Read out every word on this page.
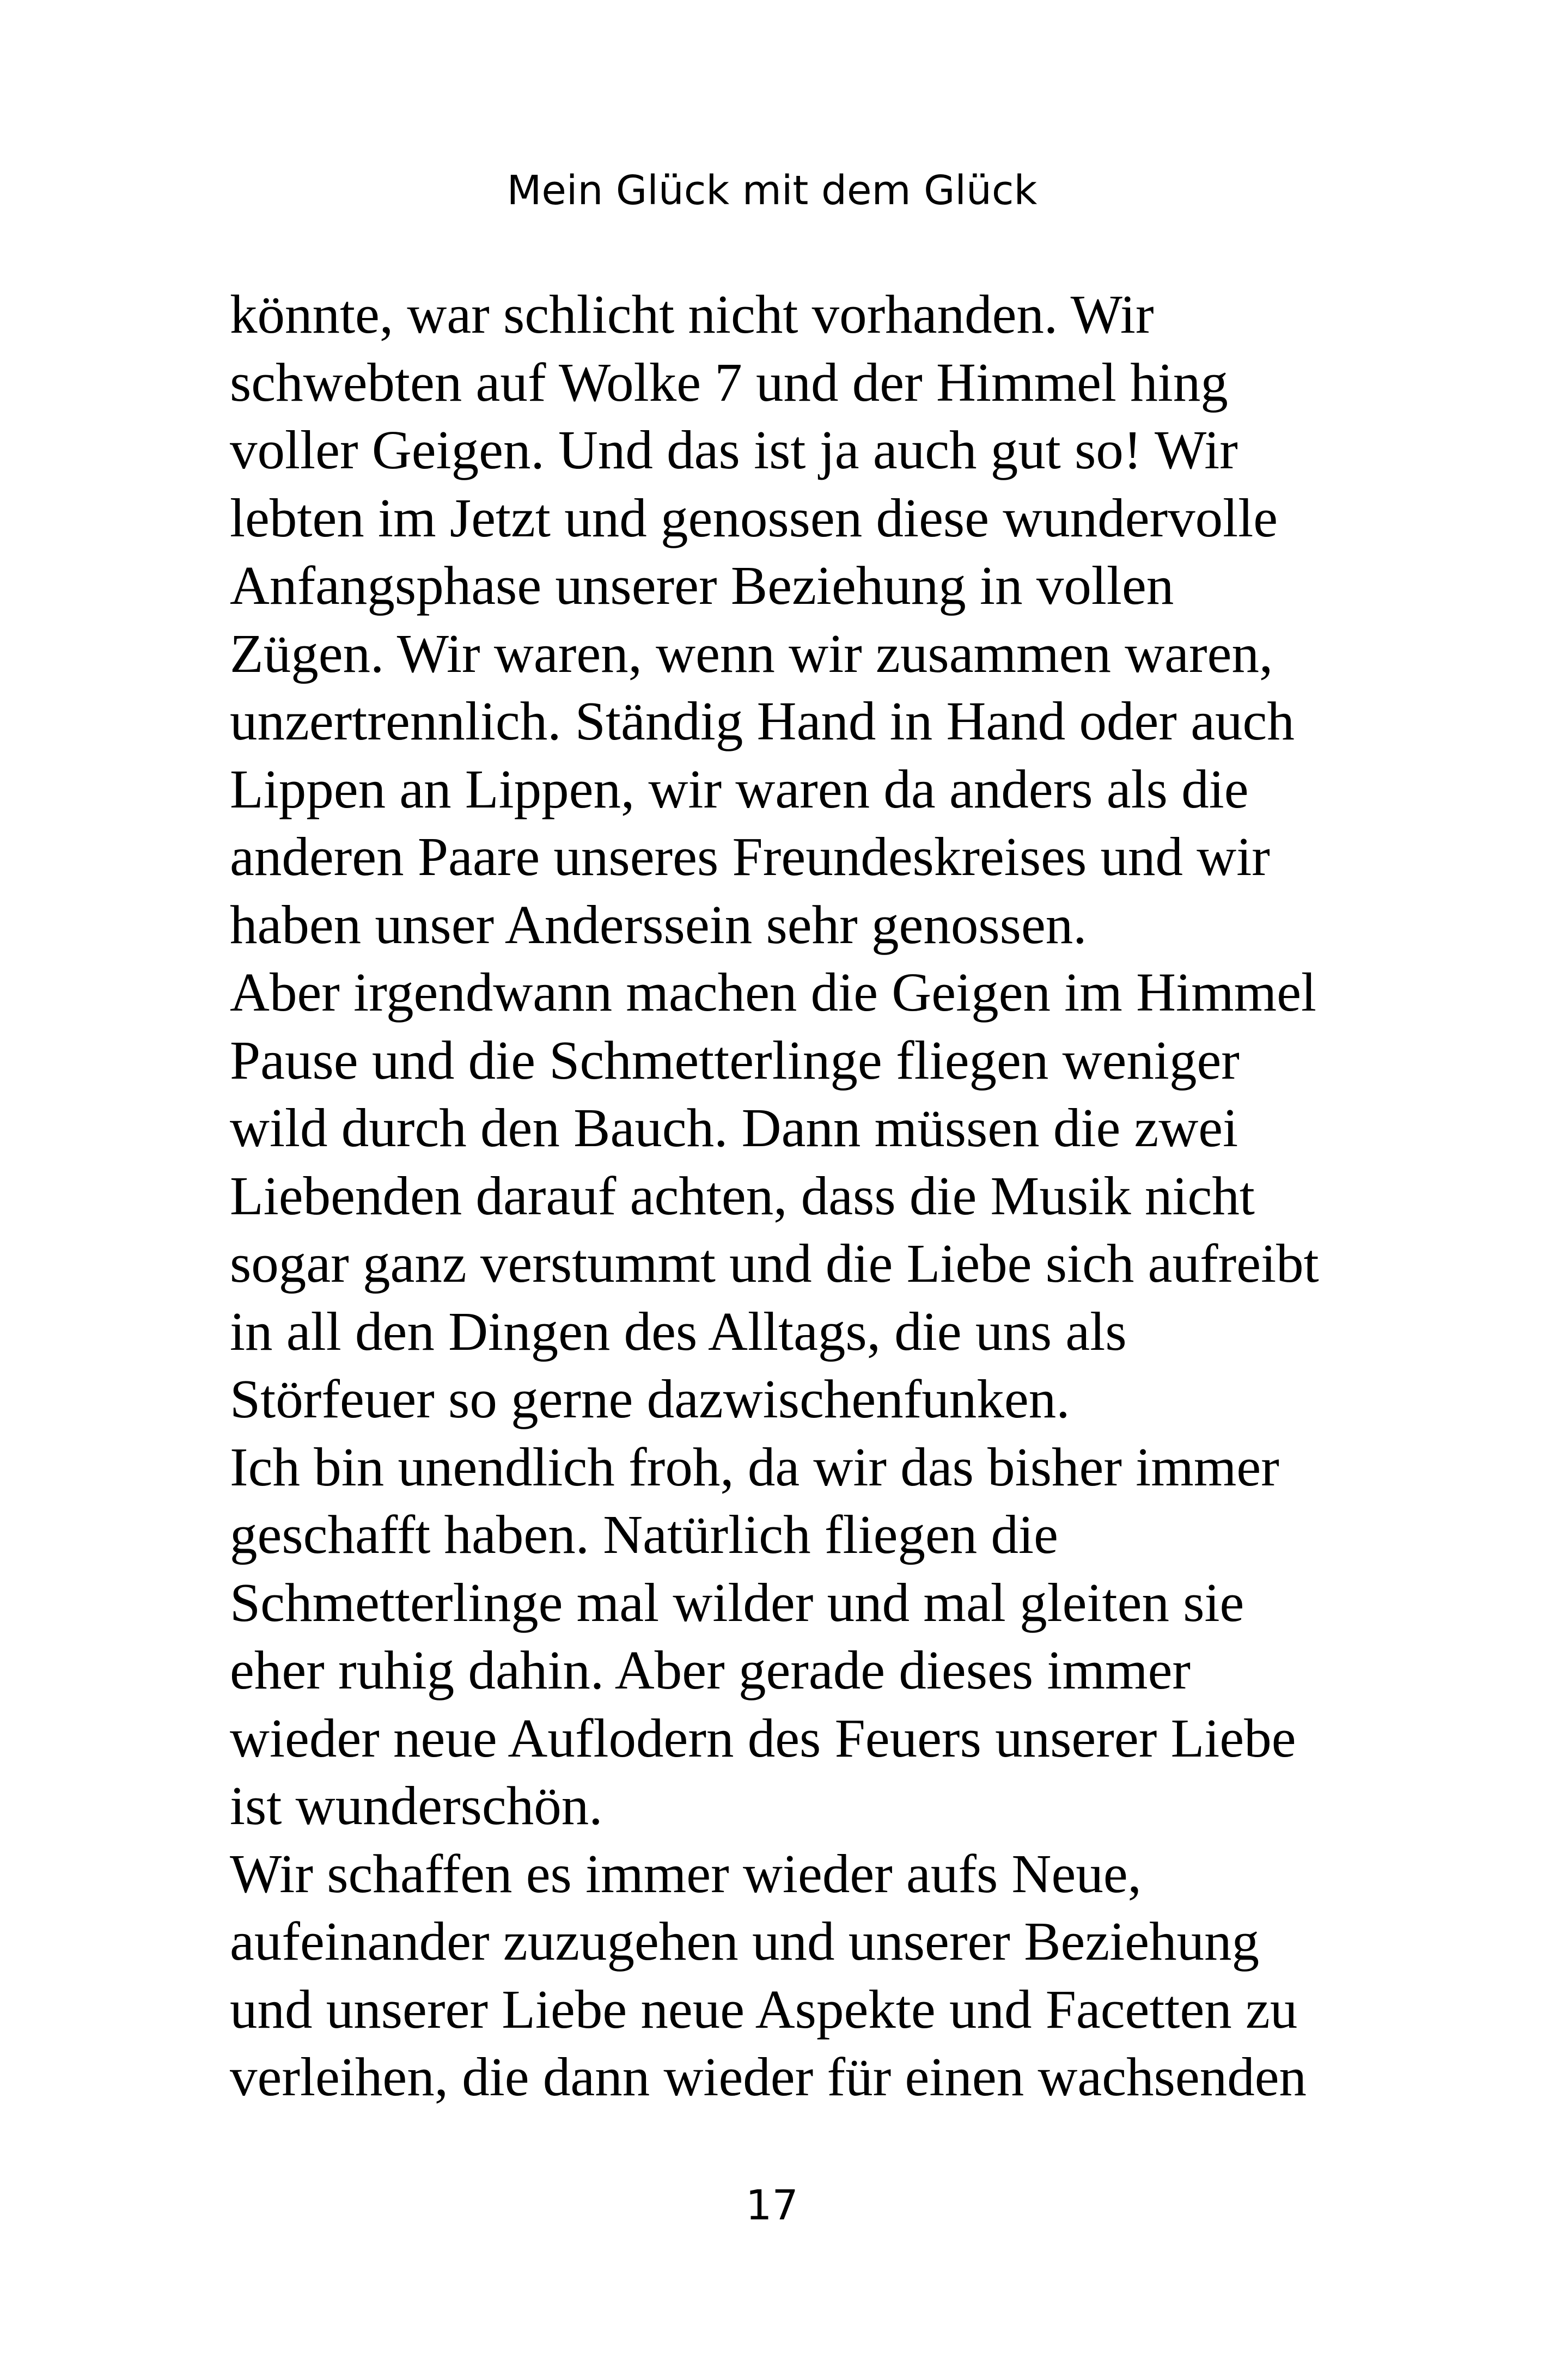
Mein Glück mit dem Glück
könnte, war schlicht nicht vorhanden. Wir
schwebten auf Wolke 7 und der Himmel hing
voller Geigen. Und das ist ja auch gut so! Wir
lebten im Jetzt und genossen diese wundervolle
Anfangsphase unserer Beziehung in vollen
Zügen. Wir waren, wenn wir zusammen waren,
unzertrennlich. Ständig Hand in Hand oder auch
Lippen an Lippen, wir waren da anders als die
anderen Paare unseres Freundeskreises und wir
haben unser Anderssein sehr genossen.
Aber irgendwann machen die Geigen im Himmel
Pause und die Schmetterlinge fliegen weniger
wild durch den Bauch. Dann müssen die zwei
Liebenden darauf achten, dass die Musik nicht
sogar ganz verstummt und die Liebe sich aufreibt
in all den Dingen des Alltags, die uns als
Störfeuer so gerne dazwischenfunken.
Ich bin unendlich froh, da wir das bisher immer
geschafft haben. Natürlich fliegen die
Schmetterlinge mal wilder und mal gleiten sie
eher ruhig dahin. Aber gerade dieses immer
wieder neue Auflodern des Feuers unserer Liebe
ist wunderschön.
Wir schaffen es immer wieder aufs Neue,
aufeinander zuzugehen und unserer Beziehung
und unserer Liebe neue Aspekte und Facetten zu
verleihen, die dann wieder für einen wachsenden
17
